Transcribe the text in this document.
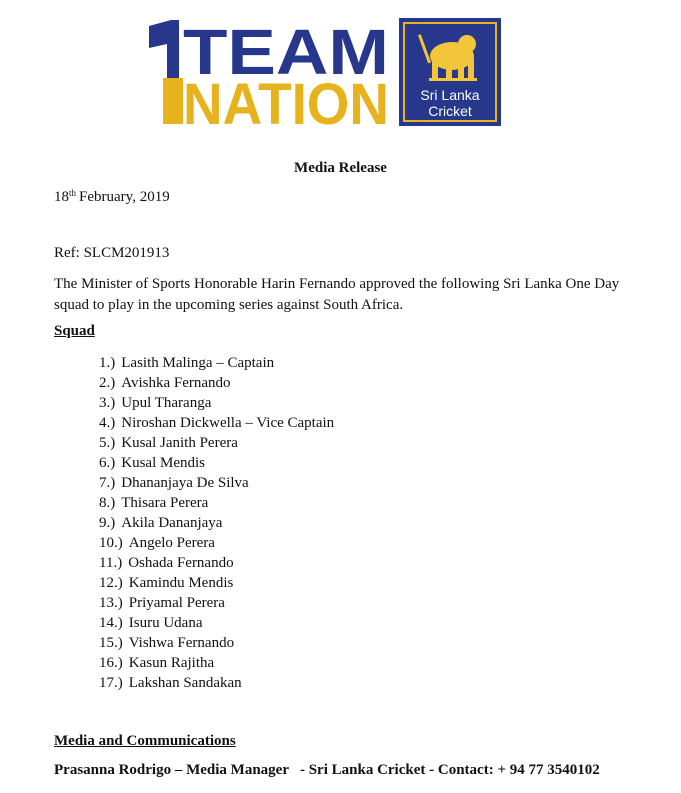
TEAM
NATION Sri Lanka
Cricket
Media Release
18th February, 2019
Ref: SLCM201913
The Minister of Sports Honorable Harin Fernando approved the following Sri Lanka One Day squad to play in the upcoming series against South Africa.
Squad
1.) Lasith Malinga – Captain
2.) Avishka Fernando
3.) Upul Tharanga
4.) Niroshan Dickwella – Vice Captain
5.) Kusal Janith Perera
6.) Kusal Mendis
7.) Dhananjaya De Silva
8.) Thisara Perera
9.) Akila Dananjaya
10.) Angelo Perera
11.) Oshada Fernando
12.) Kamindu Mendis
13.) Priyamal Perera
14.) Isuru Udana
15.) Vishwa Fernando
16.) Kasun Rajitha
17.) Lakshan Sandakan
Media and Communications
Prasanna Rodrigo – Media Manager   - Sri Lanka Cricket - Contact: + 94 77 3540102
